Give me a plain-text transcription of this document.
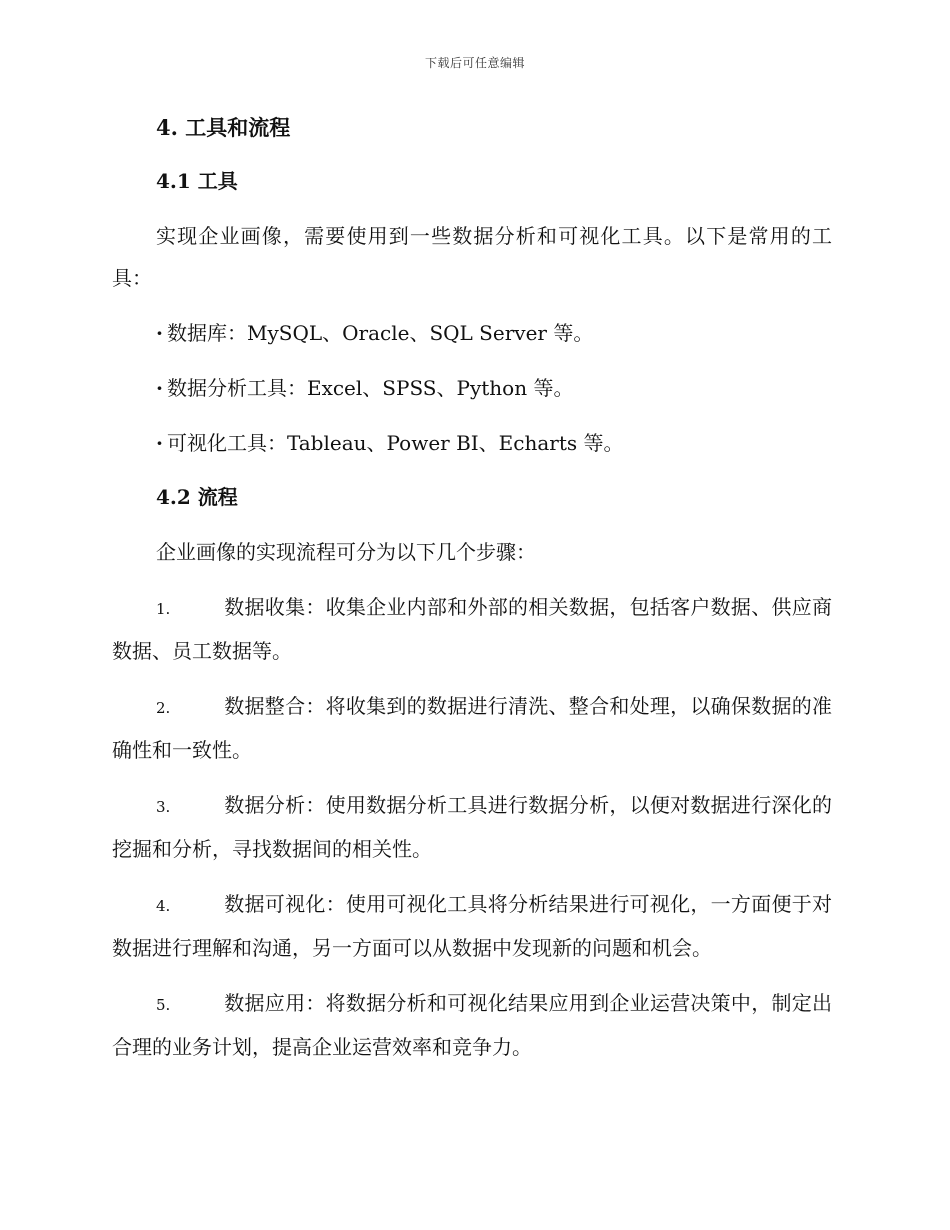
下载后可任意编辑
4. 工具和流程
4.1 工具
实现企业画像，需要使用到一些数据分析和可视化工具。以下是常用的工具：
· 数据库：MySQL、Oracle、SQL Server 等。
· 数据分析工具：Excel、SPSS、Python 等。
· 可视化工具：Tableau、Power BI、Echarts 等。
4.2 流程
企业画像的实现流程可分为以下几个步骤：
1.	数据收集：收集企业内部和外部的相关数据，包括客户数据、供应商数据、员工数据等。
2.	数据整合：将收集到的数据进行清洗、整合和处理，以确保数据的准确性和一致性。
3.	数据分析：使用数据分析工具进行数据分析，以便对数据进行深化的挖掘和分析，寻找数据间的相关性。
4.	数据可视化：使用可视化工具将分析结果进行可视化，一方面便于对数据进行理解和沟通，另一方面可以从数据中发现新的问题和机会。
5.	数据应用：将数据分析和可视化结果应用到企业运营决策中，制定出合理的业务计划，提高企业运营效率和竞争力。
